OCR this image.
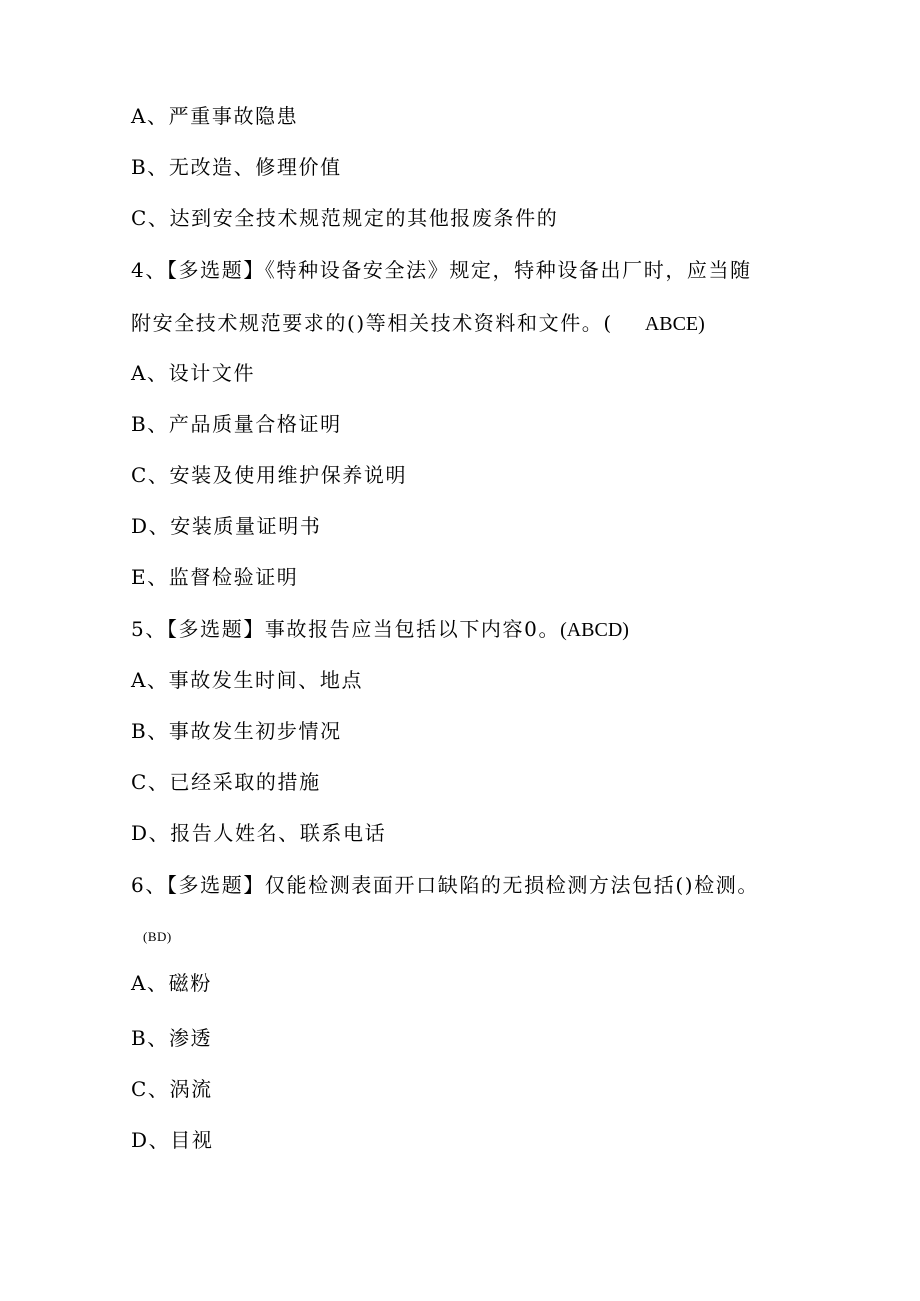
A、严重事故隐患
B、无改造、修理价值
C、达到安全技术规范规定的其他报废条件的
4、【多选题】《特种设备安全法》规定，特种设备出厂时，应当随
附安全技术规范要求的()等相关技术资料和文件。( ABCE)
A、设计文件
B、产品质量合格证明
C、安装及使用维护保养说明
D、安装质量证明书
E、监督检验证明
5、【多选题】事故报告应当包括以下内容0。(ABCD)
A、事故发生时间、地点
B、事故发生初步情况
C、已经采取的措施
D、报告人姓名、联系电话
6、【多选题】仅能检测表面开口缺陷的无损检测方法包括()检测。
(BD)
A、磁粉
B、渗透
C、涡流
D、目视
